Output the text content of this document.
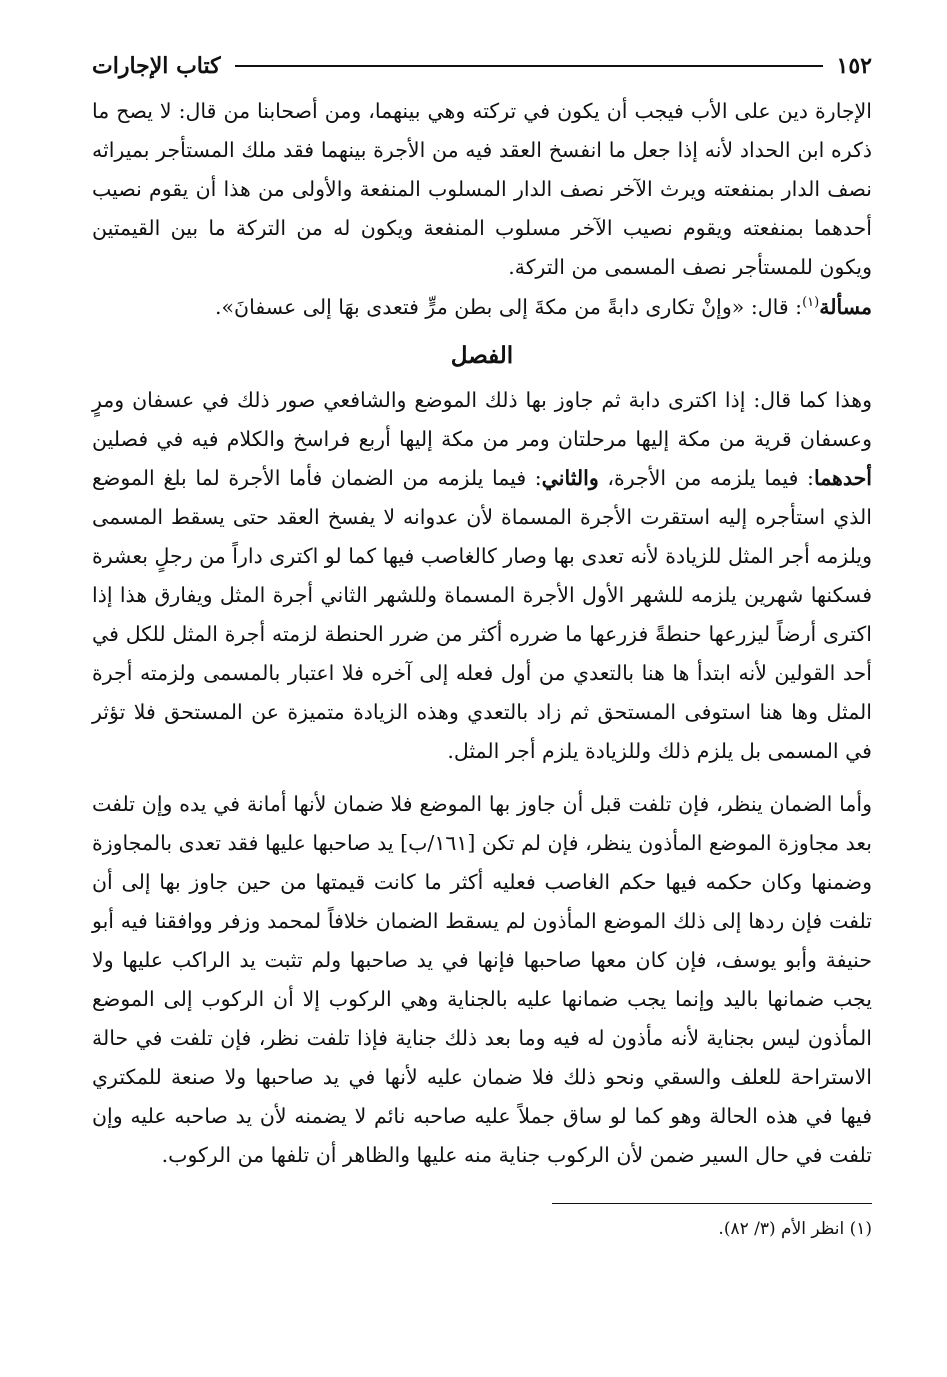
١٥٢
كتاب الإجارات

الإجارة دين على الأب فيجب أن يكون في تركته وهي بينهما، ومن أصحابنا من قال: لا يصح ما ذكره ابن الحداد لأنه إذا جعل ما انفسخ العقد فيه من الأجرة بينهما فقد ملك المستأجر بميراثه نصف الدار بمنفعته ويرث الآخر نصف الدار المسلوب المنفعة والأولى من هذا أن يقوم نصيب أحدهما بمنفعته ويقوم نصيب الآخر مسلوب المنفعة ويكون له من التركة ما بين القيمتين ويكون للمستأجر نصف المسمى من التركة.

مسألة$^{(١)}$: قال: «وإنْ تكارى دابةً من مكةَ إلى بطن مرٍّ فتعدى بهَا إلى عسفانَ».

الفصل

وهذا كما قال: إذا اكترى دابة ثم جاوز بها ذلك الموضع والشافعي صور ذلك في عسفان ومرٍ وعسفان قرية من مكة إليها مرحلتان ومر من مكة إليها أربع فراسخ والكلام فيه في فصلين أحدهما: فيما يلزمه من الأجرة، والثاني: فيما يلزمه من الضمان فأما الأجرة لما بلغ الموضع الذي استأجره إليه استقرت الأجرة المسماة لأن عدوانه لا يفسخ العقد حتى يسقط المسمى ويلزمه أجر المثل للزيادة لأنه تعدى بها وصار كالغاصب فيها كما لو اكترى داراً من رجلٍ بعشرة فسكنها شهرين يلزمه للشهر الأول الأجرة المسماة وللشهر الثاني أجرة المثل ويفارق هذا إذا اكترى أرضاً ليزرعها حنطةً فزرعها ما ضرره أكثر من ضرر الحنطة لزمته أجرة المثل للكل في أحد القولين لأنه ابتدأ ها هنا بالتعدي من أول فعله إلى آخره فلا اعتبار بالمسمى ولزمته أجرة المثل وها هنا استوفى المستحق ثم زاد بالتعدي وهذه الزيادة متميزة عن المستحق فلا تؤثر في المسمى بل يلزم ذلك وللزيادة يلزم أجر المثل.

وأما الضمان ينظر، فإن تلفت قبل أن جاوز بها الموضع فلا ضمان لأنها أمانة في يده وإن تلفت بعد مجاوزة الموضع المأذون ينظر، فإن لم تكن [١٦١/ب] يد صاحبها عليها فقد تعدى بالمجاوزة وضمنها وكان حكمه فيها حكم الغاصب فعليه أكثر ما كانت قيمتها من حين جاوز بها إلى أن تلفت فإن ردها إلى ذلك الموضع المأذون لم يسقط الضمان خلافاً لمحمد وزفر ووافقنا فيه أبو حنيفة وأبو يوسف، فإن كان معها صاحبها فإنها في يد صاحبها ولم تثبت يد الراكب عليها ولا يجب ضمانها باليد وإنما يجب ضمانها عليه بالجناية وهي الركوب إلا أن الركوب إلى الموضع المأذون ليس بجناية لأنه مأذون له فيه وما بعد ذلك جناية فإذا تلفت نظر، فإن تلفت في حالة الاستراحة للعلف والسقي ونحو ذلك فلا ضمان عليه لأنها في يد صاحبها ولا صنعة للمكتري فيها في هذه الحالة وهو كما لو ساق جملاً عليه صاحبه نائم لا يضمنه لأن يد صاحبه عليه وإن تلفت في حال السير ضمن لأن الركوب جناية منه عليها والظاهر أن تلفها من الركوب.

(١) انظر الأم (٣/ ٨٢).
